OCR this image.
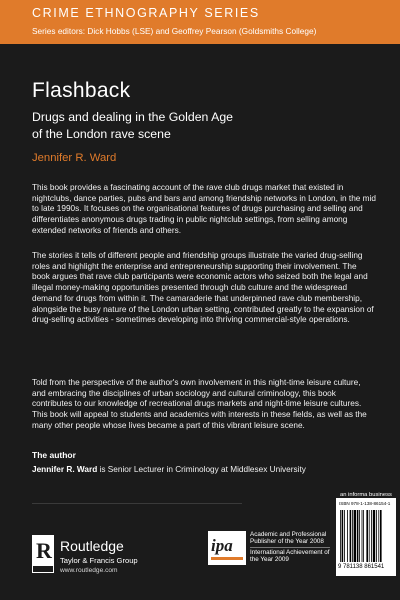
CRIME ETHNOGRAPHY SERIES
Series editors: Dick Hobbs (LSE) and Geoffrey Pearson (Goldsmiths College)
Flashback
Drugs and dealing in the Golden Age
of the London rave scene
Jennifer R. Ward

This book provides a fascinating account of the rave club drugs market that existed in nightclubs, dance parties, pubs and bars and among friendship networks in London, in the mid to late 1990s. It focuses on the organisational features of drugs purchasing and selling and differentiates anonymous drugs trading in public nightclub settings, from selling among extended networks of friends and others.

The stories it tells of different people and friendship groups illustrate the varied drug-selling roles and highlight the enterprise and entrepreneurship supporting their involvement. The book argues that rave club participants were economic actors who seized both the legal and illegal money-making opportunities presented through club culture and the widespread demand for drugs from within it. The camaraderie that underpinned rave club membership, alongside the busy nature of the London urban setting, contributed greatly to the expansion of drug-selling activities - sometimes developing into thriving commercial-style operations.

Told from the perspective of the author's own involvement in this night-time leisure culture, and embracing the disciplines of urban sociology and cultural criminology, this book contributes to our knowledge of recreational drugs markets and night-time leisure cultures. This book will appeal to students and academics with interests in these fields, as well as the many other people whose lives became a part of this vibrant leisure scene.

The author
Jennifer R. Ward is Senior Lecturer in Criminology at Middlesex University
R Routledge
Taylor & Francis Group
www.routledge.com
ipa
Academic and Professional Publisher of the Year 2008
International Achievement of the Year 2009
an informa business
ISBN 978-1-138-86154-1
9 781138 861541
